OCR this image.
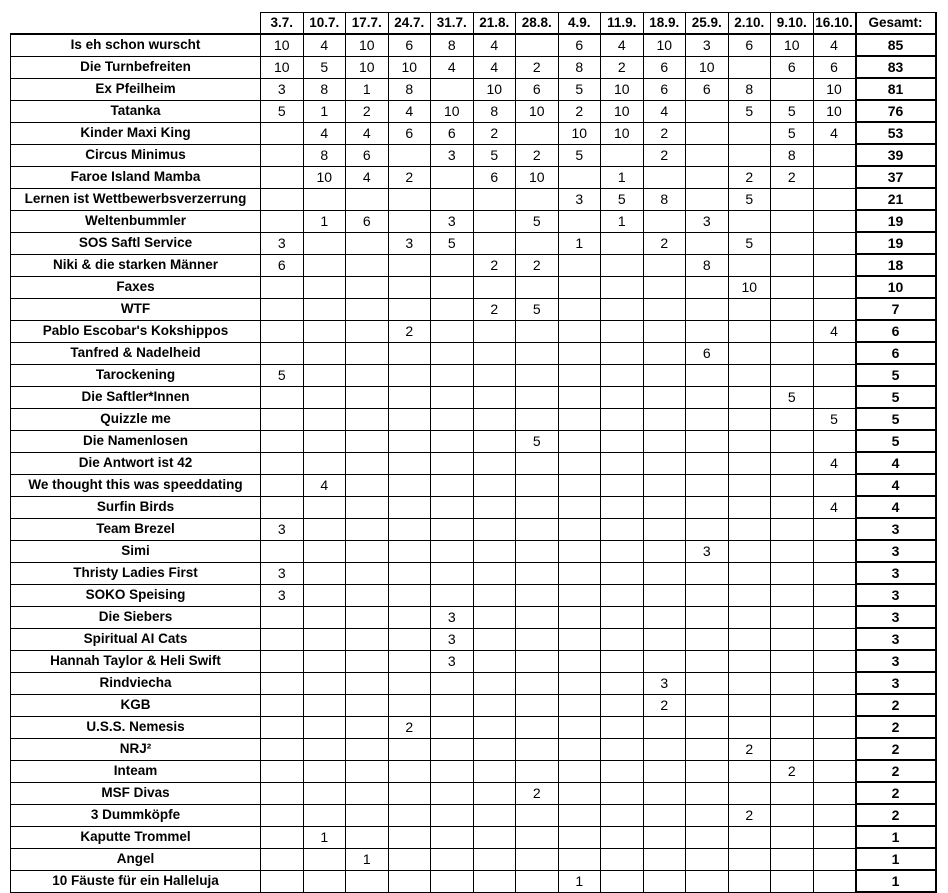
	3.7.	10.7.	17.7.	24.7.	31.7.	21.8.	28.8.	4.9.	11.9.	18.9.	25.9.	2.10.	9.10.	16.10.	Gesamt:
Is eh schon wurscht	10	4	10	6	8	4		6	4	10	3	6	10	4	85
Die Turnbefreiten	10	5	10	10	4	4	2	8	2	6	10		6	6	83
Ex Pfeilheim	3	8	1	8		10	6	5	10	6	6	8		10	81
Tatanka	5	1	2	4	10	8	10	2	10	4		5	5	10	76
Kinder Maxi King		4	4	6	6	2		10	10	2			5	4	53
Circus Minimus		8	6		3	5	2	5		2			8		39
Faroe Island Mamba		10	4	2		6	10		1			2	2		37
Lernen ist Wettbewerbsverzerrung								3	5	8		5			21
Weltenbummler		1	6		3		5		1		3				19
SOS Saftl Service	3			3	5			1		2		5			19
Niki & die starken Männer	6					2	2				8				18
Faxes												10			10
WTF						2	5								7
Pablo Escobar's Kokshippos				2										4	6
Tanfred & Nadelheid											6				6
Tarockening	5														5
Die Saftler*Innen													5		5
Quizzle me														5	5
Die Namenlosen							5								5
Die Antwort ist 42														4	4
We thought this was speeddating		4													4
Surfin Birds														4	4
Team Brezel	3														3
Simi											3				3
Thristy Ladies First	3														3
SOKO Speising	3														3
Die Siebers					3										3
Spiritual AI Cats					3										3
Hannah Taylor & Heli Swift					3										3
Rindviecha										3					3
KGB										2					2
U.S.S. Nemesis				2											2
NRJ²												2			2
Inteam													2		2
MSF Divas							2								2
3 Dummköpfe												2			2
Kaputte Trommel		1													1
Angel			1												1
10 Fäuste für ein Halleluja								1							1
